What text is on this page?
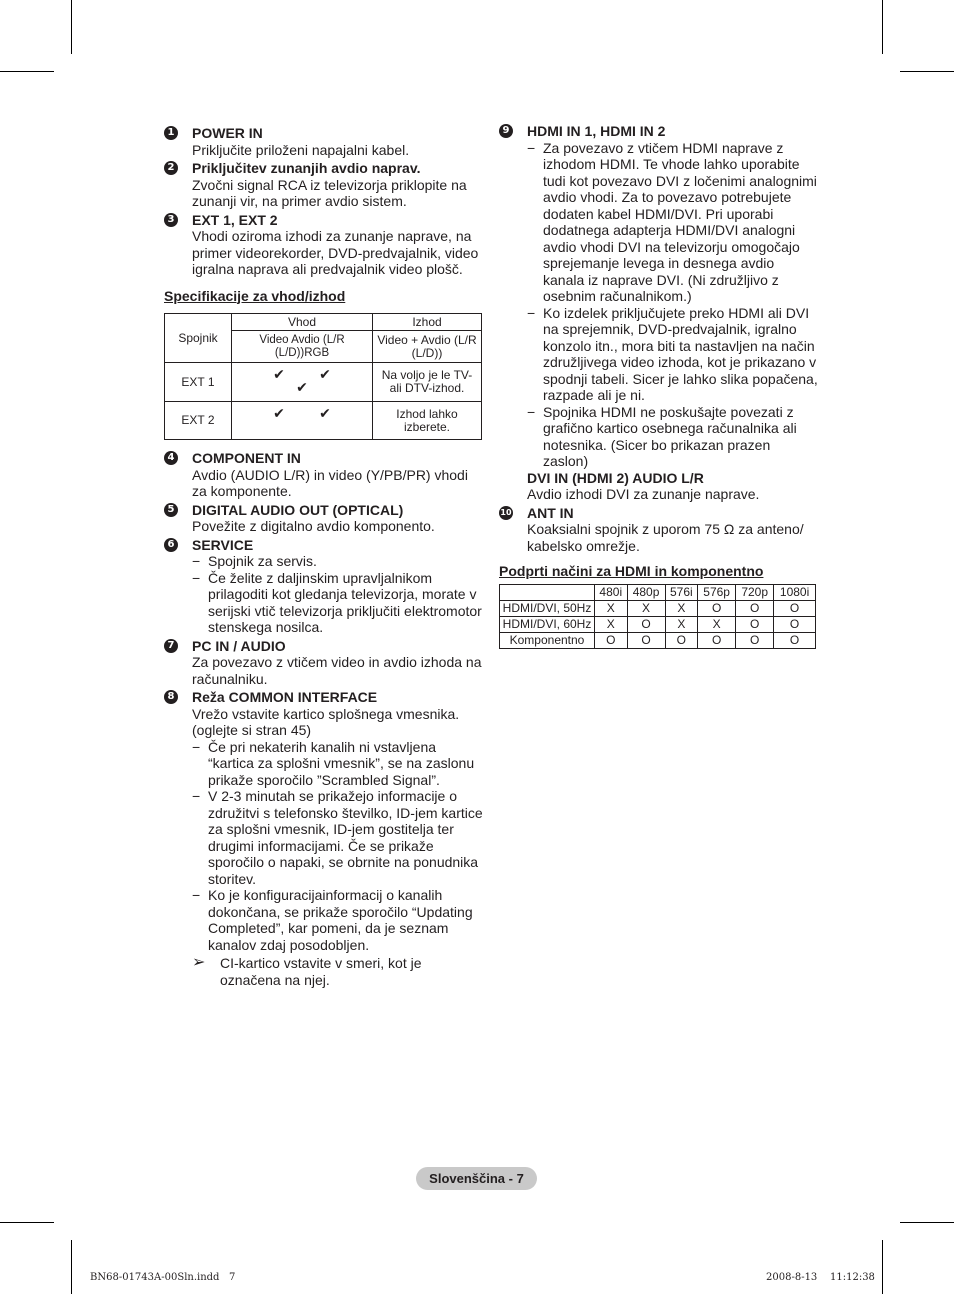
1 POWER IN
Priključite priloženi napajalni kabel.
2 Priključitev zunanjih avdio naprav.
Zvočni signal RCA iz televizorja priklopite na zunanji vir, na primer avdio sistem.
3 EXT 1, EXT 2
Vhodi oziroma izhodi za zunanje naprave, na primer videorekorder, DVD-predvajalnik, video igralna naprava ali predvajalnik video plošč.
Specifikacije za vhod/izhod
Spojnik	Vhod	Izhod
	Video Avdio (L/R (L/D))RGB	Video + Avdio (L/R (L/D))
EXT 1	✔ ✔✔	Na voljo je le TV- ali DTV-izhod.
EXT 2	✔ ✔	Izhod lahko izberete.
4 COMPONENT IN
Avdio (AUDIO L/R) in video (Y/PB/PR) vhodi za komponente.
5 DIGITAL AUDIO OUT (OPTICAL)
Povežite z digitalno avdio komponento.
6 SERVICE
− Spojnik za servis.
− Če želite z daljinskim upravljalnikom prilagoditi kot gledanja televizorja, morate v serijski vtič televizorja priključiti elektromotor stenskega nosilca.
7 PC IN / AUDIO
Za povezavo z vtičem video in avdio izhoda na računalniku.
8 Reža COMMON INTERFACE
Vrežo vstavite kartico splošnega vmesnika.
(oglejte si stran 45)
− Če pri nekaterih kanalih ni vstavljena “kartica za splošni vmesnik”, se na zaslonu prikaže sporočilo ”Scrambled Signal”.
− V 2-3 minutah se prikažejo informacije o združitvi s telefonsko številko, ID-jem kartice za splošni vmesnik, ID-jem gostitelja ter drugimi informacijami. Če se prikaže sporočilo o napaki, se obrnite na ponudnika storitev.
− Ko je konfiguracijainformacij o kanalih dokončana, se prikaže sporočilo “Updating Completed”, kar pomeni, da je seznam kanalov zdaj posodobljen.
➢ CI-kartico vstavite v smeri, kot je označena na njej.
9 HDMI IN 1, HDMI IN 2
− Za povezavo z vtičem HDMI naprave z izhodom HDMI. Te vhode lahko uporabite tudi kot povezavo DVI z ločenimi analognimi avdio vhodi. Za to povezavo potrebujete dodaten kabel HDMI/DVI. Pri uporabi dodatnega adapterja HDMI/DVI analogni avdio vhodi DVI na televizorju omogočajo sprejemanje levega in desnega avdio kanala iz naprave DVI. (Ni združljivo z osebnim računalnikom.)
− Ko izdelek priključujete preko HDMI ali DVI na sprejemnik, DVD-predvajalnik, igralno konzolo itn., mora biti ta nastavljen na način združljivega video izhoda, kot je prikazano v spodnji tabeli. Sicer je lahko slika popačena, razpade ali je ni.
− Spojnika HDMI ne poskušajte povezati z grafično kartico osebnega računalnika ali notesnika. (Sicer bo prikazan prazen zaslon)
DVI IN (HDMI 2) AUDIO L/R
Avdio izhodi DVI za zunanje naprave.
10 ANT IN
Koaksialni spojnik z uporom 75 Ω za anteno/ kabelsko omrežje.
Podprti načini za HDMI in komponentno
	480i	480p	576i	576p	720p	1080i
HDMI/DVI, 50Hz	X	X	X	O	O	O
HDMI/DVI, 60Hz	X	O	X	X	O	O
Komponentno	O	O	O	O	O	O
Slovenščina - 7
BN68-01743A-00Sln.indd   7	2008-8-13    11:12:38
